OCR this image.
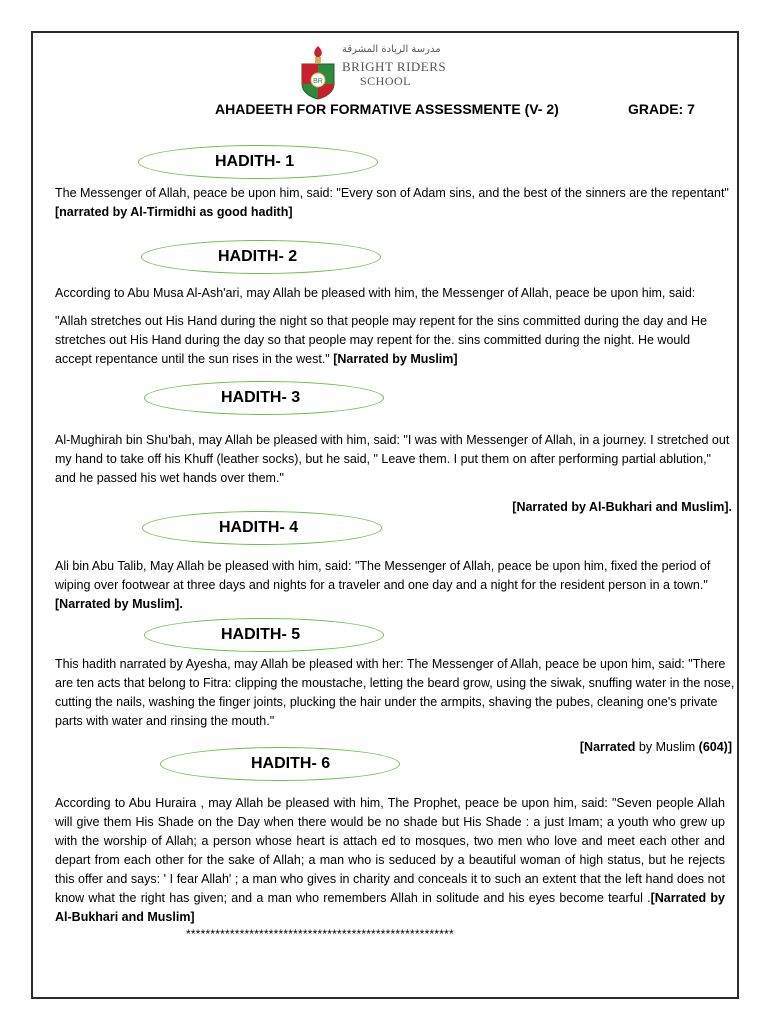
BR
مدرسة الريادة المشرقة
BRIGHT RIDERS
SCHOOL
AHADEETH FOR FORMATIVE ASSESSMENTE (V- 2)	GRADE: 7
HADITH- 1
The Messenger of Allah, peace be upon him, said: "Every son of Adam sins, and the best of the sinners are the repentant" [narrated by Al-Tirmidhi as good hadith]
HADITH- 2
According to Abu Musa Al-Ash'ari, may Allah be pleased with him, the Messenger of Allah, peace be upon him, said:
"Allah stretches out His Hand during the night so that people may repent for the sins committed during the day and He stretches out His Hand during the day so that people may repent for the. sins committed during the night. He would accept repentance until the sun rises in the west." [Narrated by Muslim]
HADITH- 3
Al-Mughirah bin Shu'bah, may Allah be pleased with him, said: "I was with Messenger of Allah, in a journey. I stretched out my hand to take off his Khuff (leather socks), but he said, " Leave them. I put them on after performing partial ablution," and he passed his wet hands over them."
[Narrated by Al-Bukhari and Muslim].
HADITH- 4
Ali bin Abu Talib, May Allah be pleased with him, said: "The Messenger of Allah, peace be upon him, fixed the period of wiping over footwear at three days and nights for a traveler and one day and a night for the resident person in a town." [Narrated by Muslim].
HADITH- 5
This hadith narrated by Ayesha, may Allah be pleased with her: The Messenger of Allah, peace be upon him, said: "There are ten acts that belong to Fitra: clipping the moustache, letting the beard grow, using the siwak, snuffing water in the nose, cutting the nails, washing the finger joints, plucking the hair under the armpits, shaving the pubes, cleaning one's private parts with water and rinsing the mouth."
[Narrated by Muslim (604)]
HADITH- 6
According to Abu Huraira , may Allah be pleased with him, The Prophet, peace be upon him, said: "Seven people Allah will give them His Shade on the Day when there would be no shade but His Shade : a just Imam; a youth who grew up with the worship of Allah; a person whose heart is attach ed to mosques, two men who love and meet each other and depart from each other for the sake of Allah; a man who is seduced by a beautiful woman of high status, but he rejects this offer and says: ' I fear Allah' ; a man who gives in charity and conceals it to such an extent that the left hand does not know what the right has given; and a man who remembers Allah in solitude and his eyes become tearful .[Narrated by Al-Bukhari and Muslim]
*******************************************************
